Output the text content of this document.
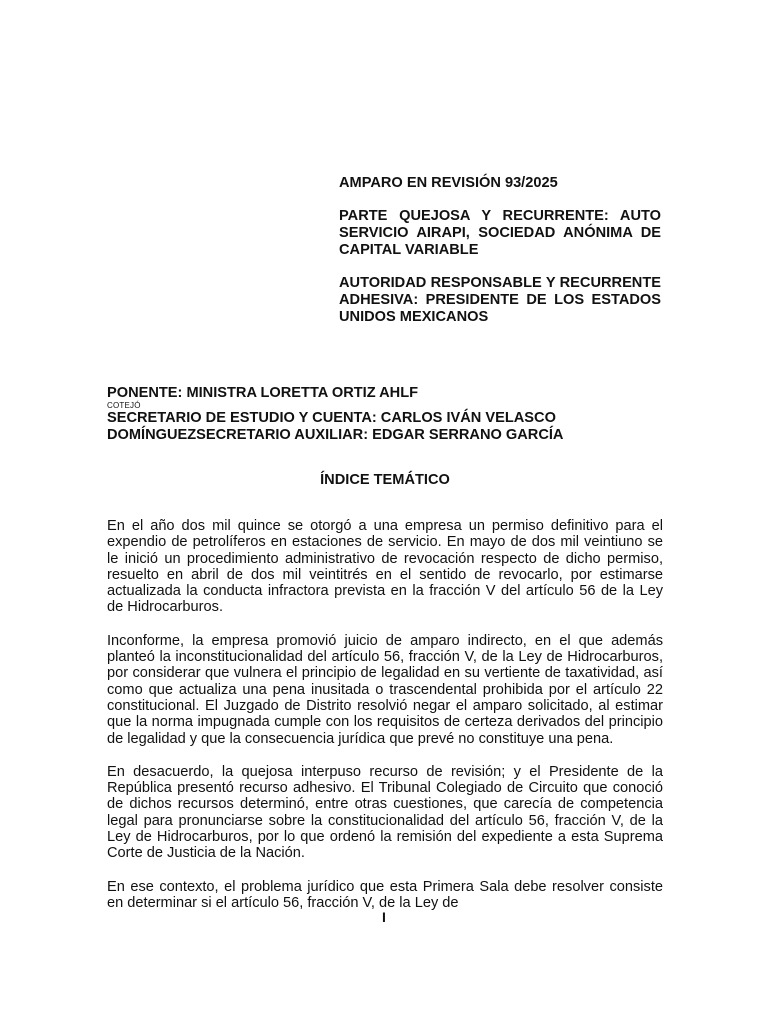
AMPARO EN REVISIÓN 93/2025

PARTE QUEJOSA Y RECURRENTE: AUTO SERVICIO AIRAPI, SOCIEDAD ANÓNIMA DE CAPITAL VARIABLE

AUTORIDAD RESPONSABLE Y RECURRENTE ADHESIVA: PRESIDENTE DE LOS ESTADOS UNIDOS MEXICANOS

PONENTE: MINISTRA LORETTA ORTIZ AHLF

COTEJÓ

SECRETARIO DE ESTUDIO Y CUENTA: CARLOS IVÁN VELASCO DOMÍNGUEZSECRETARIO AUXILIAR: EDGAR SERRANO GARCÍA

ÍNDICE TEMÁTICO

En el año dos mil quince se otorgó a una empresa un permiso definitivo para el expendio de petrolíferos en estaciones de servicio. En mayo de dos mil veintiuno se le inició un procedimiento administrativo de revocación respecto de dicho permiso, resuelto en abril de dos mil veintitrés en el sentido de revocarlo, por estimarse actualizada la conducta infractora prevista en la fracción V del artículo 56 de la Ley de Hidrocarburos.

Inconforme, la empresa promovió juicio de amparo indirecto, en el que además planteó la inconstitucionalidad del artículo 56, fracción V, de la Ley de Hidrocarburos, por considerar que vulnera el principio de legalidad en su vertiente de taxatividad, así como que actualiza una pena inusitada o trascendental prohibida por el artículo 22 constitucional. El Juzgado de Distrito resolvió negar el amparo solicitado, al estimar que la norma impugnada cumple con los requisitos de certeza derivados del principio de legalidad y que la consecuencia jurídica que prevé no constituye una pena.

En desacuerdo, la quejosa interpuso recurso de revisión; y el Presidente de la República presentó recurso adhesivo. El Tribunal Colegiado de Circuito que conoció de dichos recursos determinó, entre otras cuestiones, que carecía de competencia legal para pronunciarse sobre la constitucionalidad del artículo 56, fracción V, de la Ley de Hidrocarburos, por lo que ordenó la remisión del expediente a esta Suprema Corte de Justicia de la Nación.

En ese contexto, el problema jurídico que esta Primera Sala debe resolver consiste en determinar si el artículo 56, fracción V, de la Ley de

I
